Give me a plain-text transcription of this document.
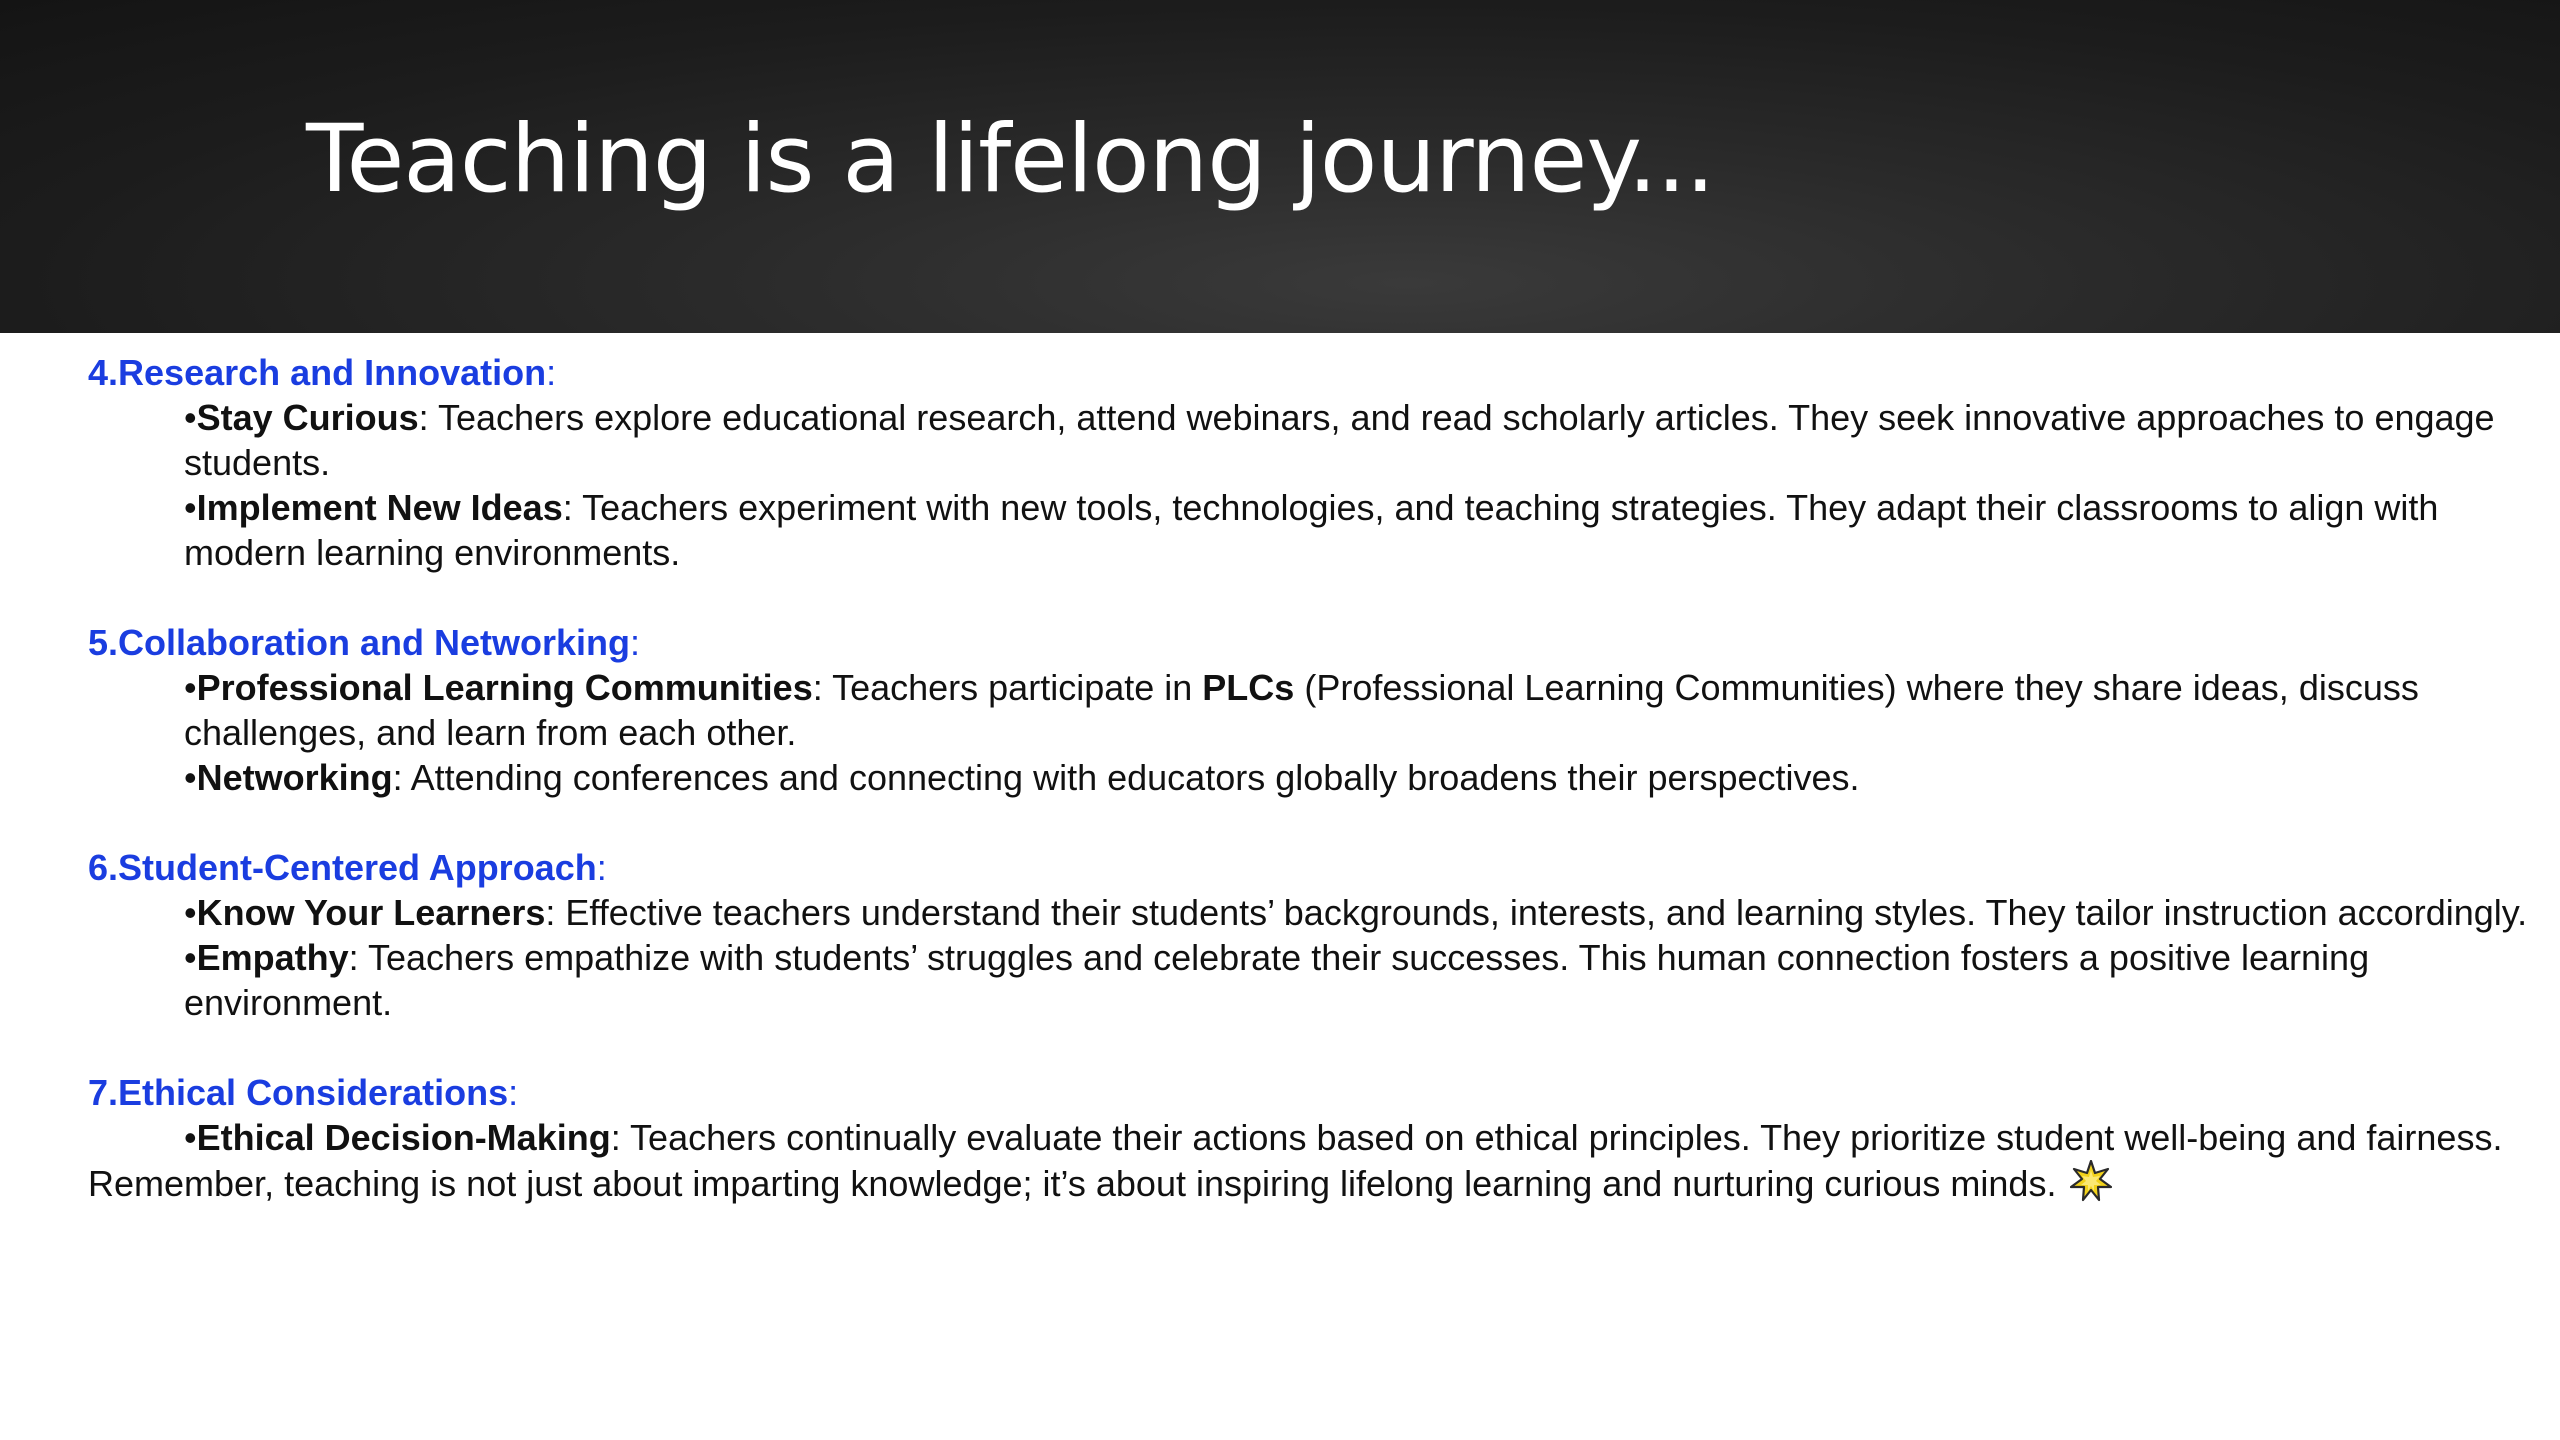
Teaching is a lifelong journey...
4.Research and Innovation:
•Stay Curious: Teachers explore educational research, attend webinars, and read scholarly articles. They seek innovative approaches to engage students.
•Implement New Ideas: Teachers experiment with new tools, technologies, and teaching strategies. They adapt their classrooms to align with modern learning environments.
5.Collaboration and Networking:
•Professional Learning Communities: Teachers participate in PLCs (Professional Learning Communities) where they share ideas, discuss challenges, and learn from each other.
•Networking: Attending conferences and connecting with educators globally broadens their perspectives.
6.Student-Centered Approach:
•Know Your Learners: Effective teachers understand their students’ backgrounds, interests, and learning styles. They tailor instruction accordingly.
•Empathy: Teachers empathize with students’ struggles and celebrate their successes. This human connection fosters a positive learning environment.
7.Ethical Considerations:
•Ethical Decision-Making: Teachers continually evaluate their actions based on ethical principles. They prioritize student well-being and fairness.
Remember, teaching is not just about imparting knowledge; it’s about inspiring lifelong learning and nurturing curious minds.
